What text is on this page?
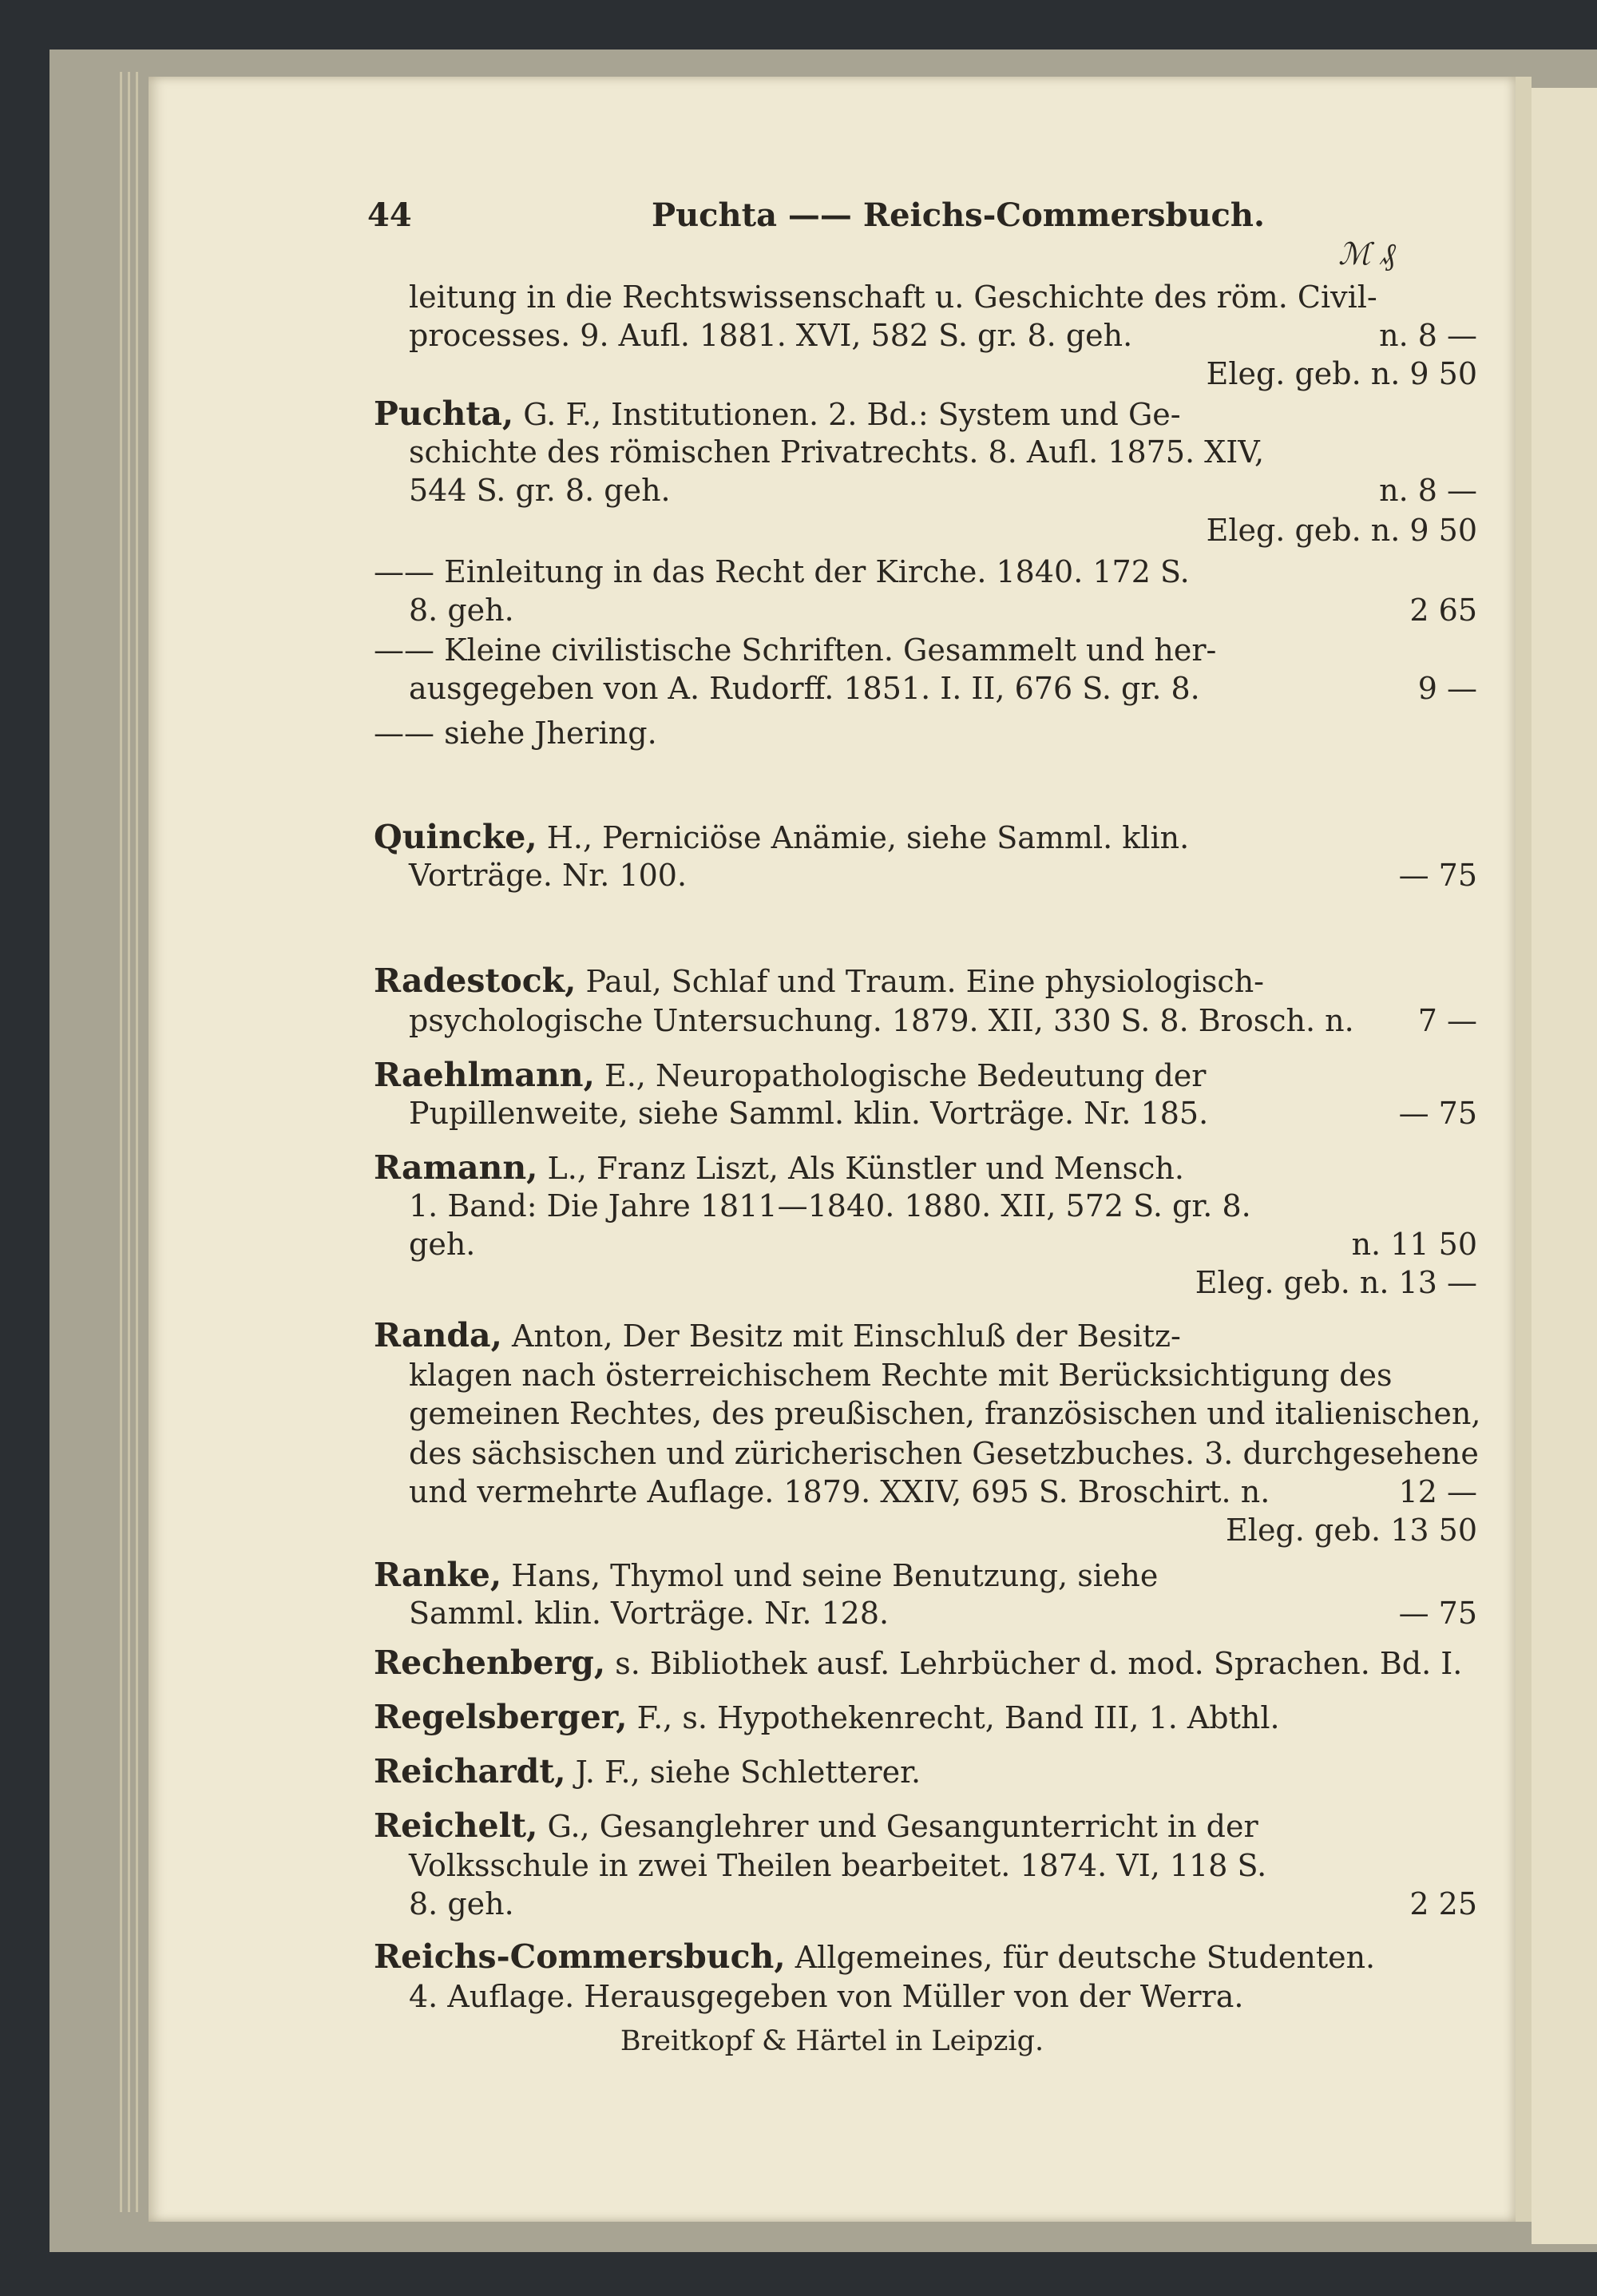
44	Puchta —— Reichs-Commersbuch.
ℳ ₰
leitung in die Rechtswissenschaft u. Geschichte des röm. Civil-
processes. 9. Aufl. 1881. XVI, 582 S. gr. 8. geh.	n. 8 —
Eleg. geb. n. 9 50
Puchta, G. F., Institutionen. 2. Bd.: System und Ge-
schichte des römischen Privatrechts. 8. Aufl. 1875. XIV,
544 S. gr. 8. geh.	n. 8 —
Eleg. geb. n. 9 50
—— Einleitung in das Recht der Kirche. 1840. 172 S.
8. geh.	2 65
—— Kleine civilistische Schriften. Gesammelt und her-
ausgegeben von A. Rudorff. 1851. I. II, 676 S. gr. 8.	9 —
—— siehe Jhering.
Quincke, H., Perniciöse Anämie, siehe Samml. klin.
Vorträge. Nr. 100.	— 75
Radestock, Paul, Schlaf und Traum. Eine physiologisch-
psychologische Untersuchung. 1879. XII, 330 S. 8. Brosch. n. 7 —
Raehlmann, E., Neuropathologische Bedeutung der
Pupillenweite, siehe Samml. klin. Vorträge. Nr. 185.	— 75
Ramann, L., Franz Liszt, Als Künstler und Mensch.
1. Band: Die Jahre 1811—1840. 1880. XII, 572 S. gr. 8.
geh.	n. 11 50
Eleg. geb. n. 13 —
Randa, Anton, Der Besitz mit Einschluß der Besitz-
klagen nach österreichischem Rechte mit Berücksichtigung des
gemeinen Rechtes, des preußischen, französischen und italienischen,
des sächsischen und züricherischen Gesetzbuches. 3. durchgesehene
und vermehrte Auflage. 1879. XXIV, 695 S. Broschirt. n.	12 —
Eleg. geb. 13 50
Ranke, Hans, Thymol und seine Benutzung, siehe
Samml. klin. Vorträge. Nr. 128.	— 75
Rechenberg, s. Bibliothek ausf. Lehrbücher d. mod. Sprachen. Bd. I.
Regelsberger, F., s. Hypothekenrecht, Band III, 1. Abthl.
Reichardt, J. F., siehe Schletterer.
Reichelt, G., Gesanglehrer und Gesangunterricht in der
Volksschule in zwei Theilen bearbeitet. 1874. VI, 118 S.
8. geh.	2 25
Reichs-Commersbuch, Allgemeines, für deutsche Studenten.
4. Auflage. Herausgegeben von Müller von der Werra.
Breitkopf & Härtel in Leipzig.
